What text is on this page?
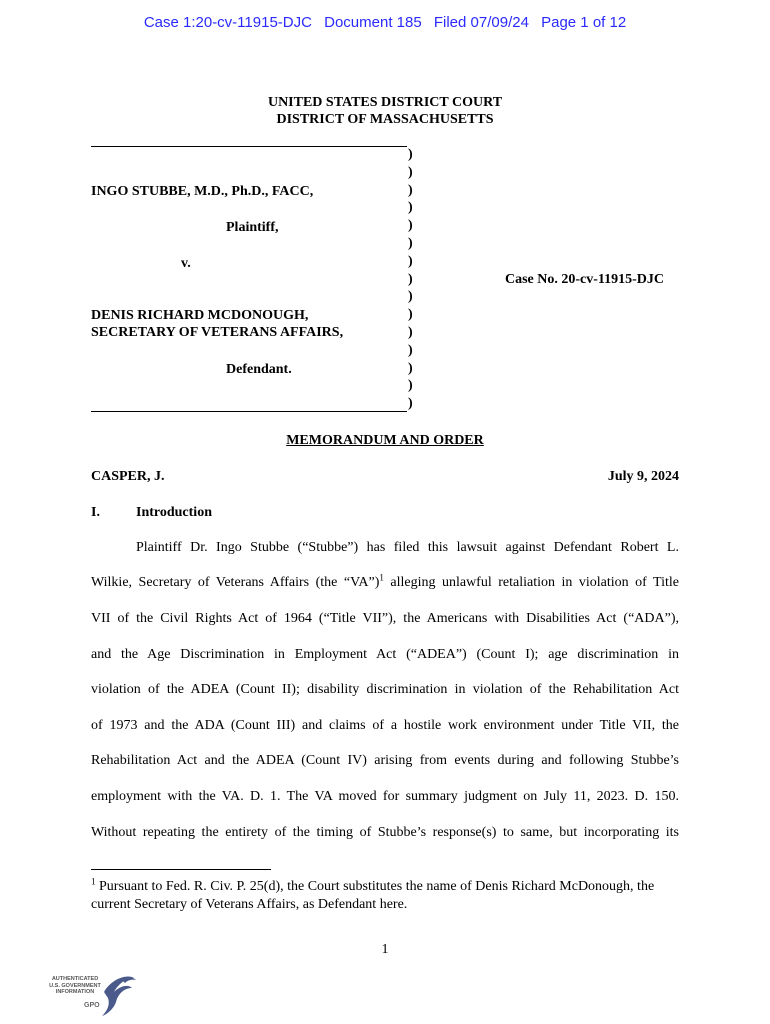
Case 1:20-cv-11915-DJC Document 185 Filed 07/09/24 Page 1 of 12
UNITED STATES DISTRICT COURT
DISTRICT OF MASSACHUSETTS
)
)
)
)
)
)
)
)
)
)
)
)
)
)
)
INGO STUBBE, M.D., Ph.D., FACC,
Plaintiff,
v.
DENIS RICHARD MCDONOUGH,
SECRETARY OF VETERANS AFFAIRS,
Defendant.
Case No. 20-cv-11915-DJC
MEMORANDUM AND ORDER
CASPER, J.	July 9, 2024
I.	Introduction
Plaintiff Dr. Ingo Stubbe (“Stubbe”) has filed this lawsuit against Defendant Robert L.
Wilkie, Secretary of Veterans Affairs (the “VA”)$^1$ alleging unlawful retaliation in violation of Title
VII of the Civil Rights Act of 1964 (“Title VII”), the Americans with Disabilities Act (“ADA”),
and the Age Discrimination in Employment Act (“ADEA”) (Count I); age discrimination in
violation of the ADEA (Count II); disability discrimination in violation of the Rehabilitation Act
of 1973 and the ADA (Count III) and claims of a hostile work environment under Title VII, the
Rehabilitation Act and the ADEA (Count IV) arising from events during and following Stubbe’s
employment with the VA. D. 1. The VA moved for summary judgment on July 11, 2023. D. 150.
Without repeating the entirety of the timing of Stubbe’s response(s) to same, but incorporating its
$^1$ Pursuant to Fed. R. Civ. P. 25(d), the Court substitutes the name of Denis Richard McDonough, the current Secretary of Veterans Affairs, as Defendant here.
1
AUTHENTICATED
U.S. GOVERNMENT
INFORMATION
GPO
